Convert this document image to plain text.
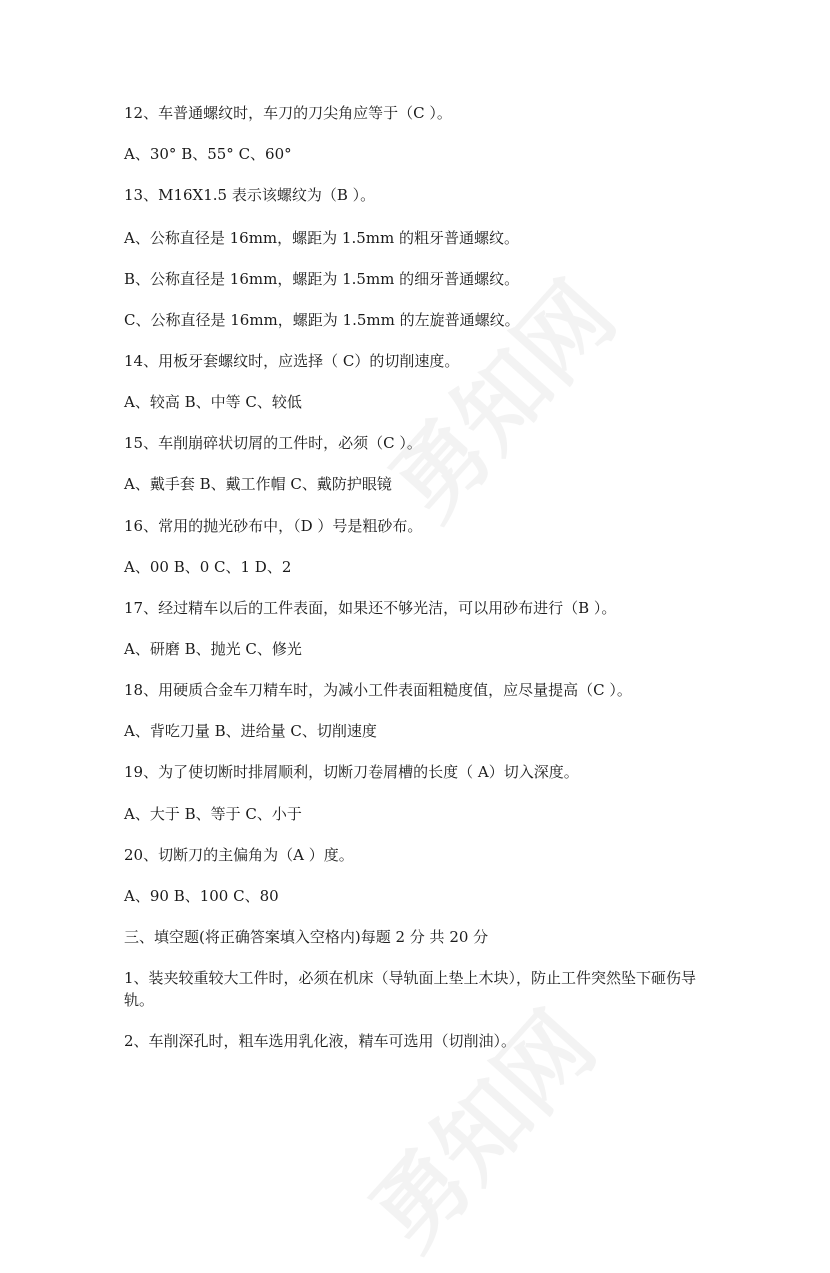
12、车普通螺纹时，车刀的刀尖角应等于（C ）。
A、30° B、55° C、60°
13、M16X1.5 表示该螺纹为（B ）。
A、公称直径是 16mm，螺距为 1.5mm 的粗牙普通螺纹。
B、公称直径是 16mm，螺距为 1.5mm 的细牙普通螺纹。
C、公称直径是 16mm，螺距为 1.5mm 的左旋普通螺纹。
14、用板牙套螺纹时，应选择（ C）的切削速度。
A、较高 B、中等 C、较低
15、车削崩碎状切屑的工件时，必须（C ）。
A、戴手套 B、戴工作帽 C、戴防护眼镜
16、常用的抛光砂布中，（D ）号是粗砂布。
A、00 B、0 C、1 D、2
17、经过精车以后的工件表面，如果还不够光洁，可以用砂布进行（B ）。
A、研磨 B、抛光 C、修光
18、用硬质合金车刀精车时，为减小工件表面粗糙度值，应尽量提高（C ）。
A、背吃刀量 B、进给量 C、切削速度
19、为了使切断时排屑顺利，切断刀卷屑槽的长度（ A）切入深度。
A、大于 B、等于 C、小于
20、切断刀的主偏角为（A ）度。
A、90 B、100 C、80
三、填空题(将正确答案填入空格内)每题 2 分 共 20 分
1、装夹较重较大工件时，必须在机床（导轨面上垫上木块），防止工件突然坠下砸伤导轨。
2、车削深孔时，粗车选用乳化液，精车可选用（切削油）。
